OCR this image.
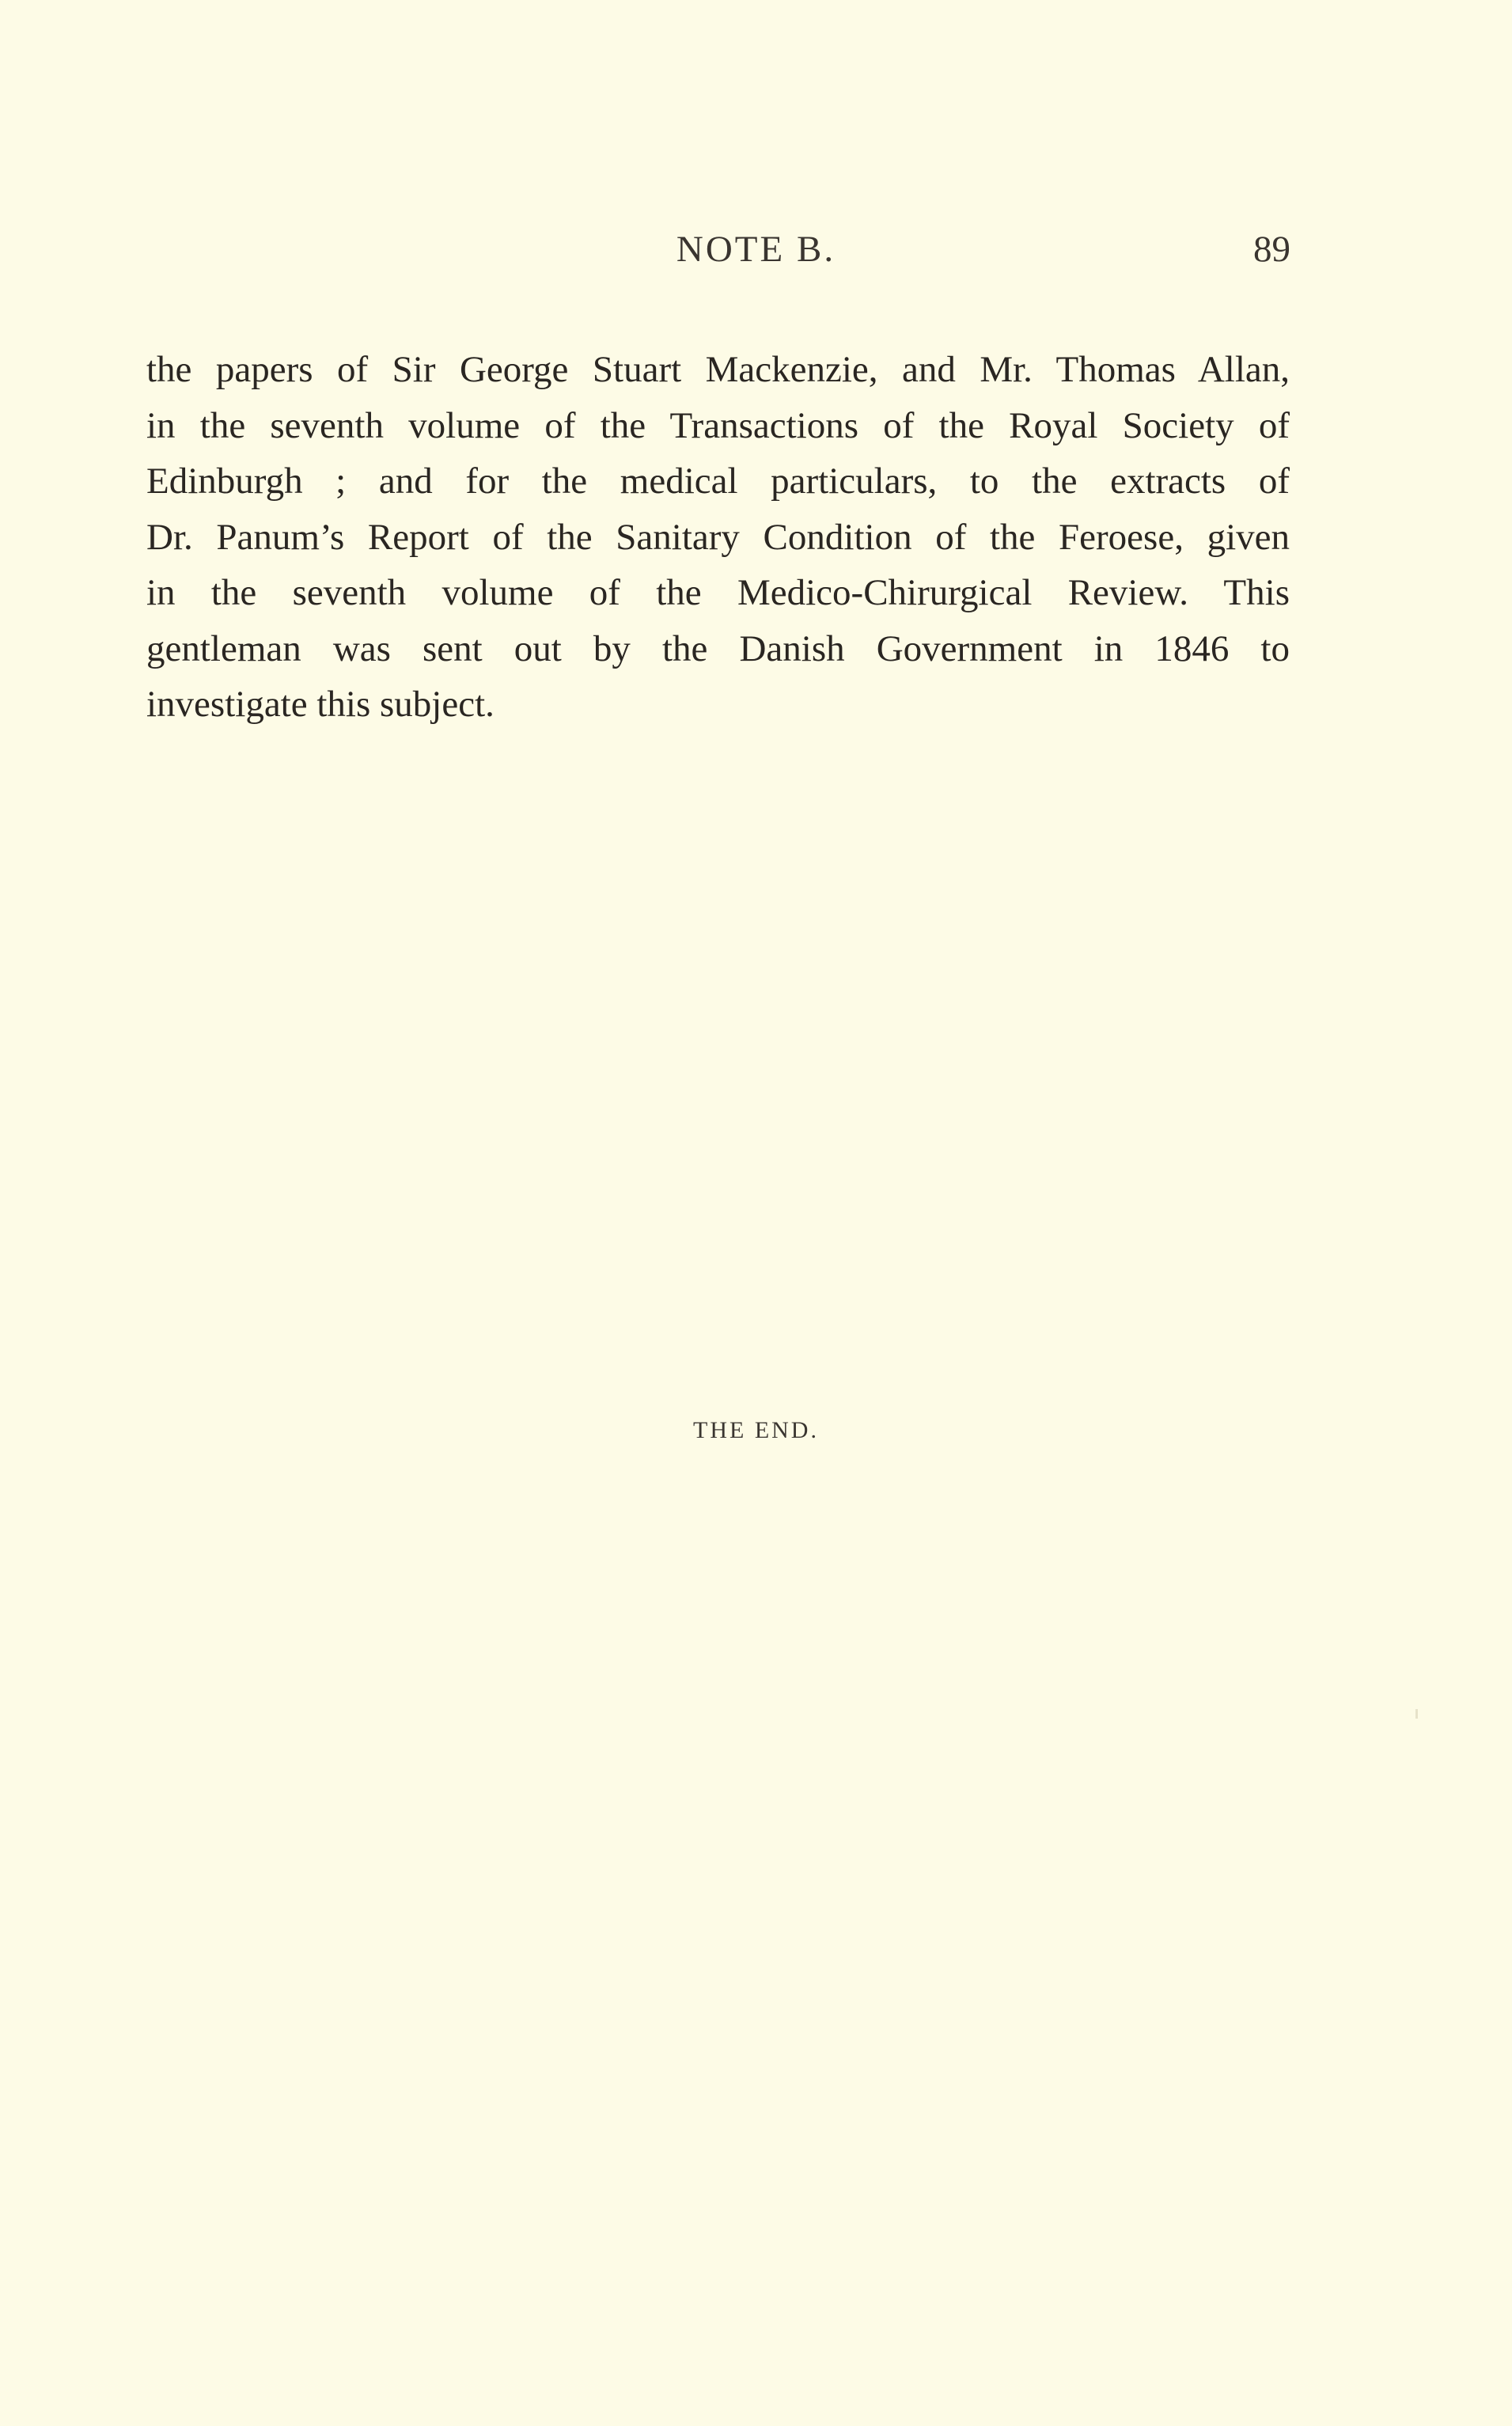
NOTE B.	89
the papers of Sir George Stuart Mackenzie, and Mr. Thomas Allan,
in the seventh volume of the Transactions of the Royal Society of
Edinburgh ; and for the medical particulars, to the extracts of
Dr. Panum’s Report of the Sanitary Condition of the Feroese, given
in the seventh volume of the Medico-Chirurgical Review. This
gentleman was sent out by the Danish Government in 1846 to
investigate this subject.
THE END.
